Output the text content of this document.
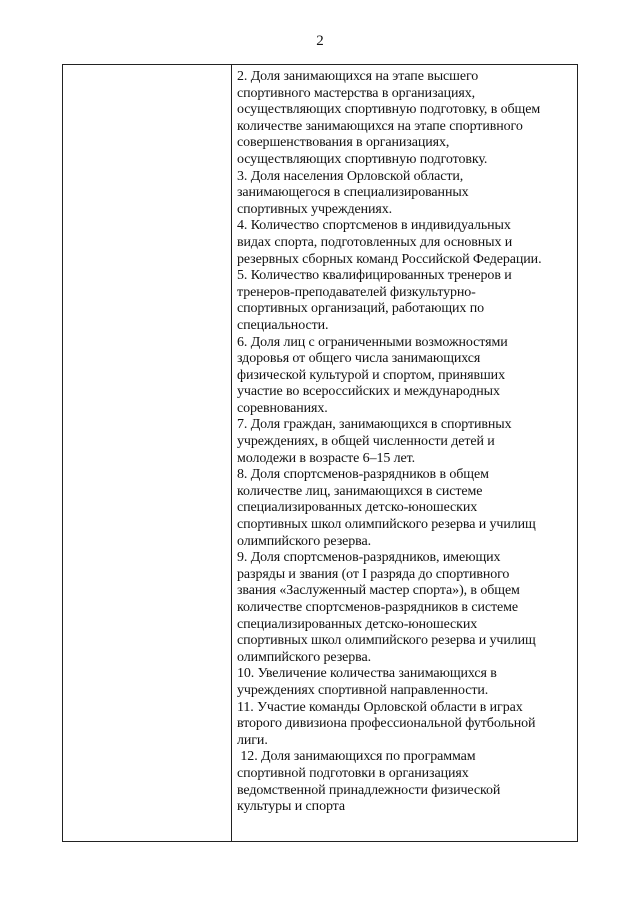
2
2. Доля занимающихся на этапе высшего
спортивного мастерства в организациях,
осуществляющих спортивную подготовку, в общем
количестве занимающихся на этапе спортивного
совершенствования в организациях,
осуществляющих спортивную подготовку.
3. Доля населения Орловской области,
занимающегося в специализированных
спортивных учреждениях.
4. Количество спортсменов в индивидуальных
видах спорта, подготовленных для основных и
резервных сборных команд Российской Федерации.
5. Количество квалифицированных тренеров и
тренеров-преподавателей физкультурно-
спортивных организаций, работающих по
специальности.
6. Доля лиц с ограниченными возможностями
здоровья от общего числа занимающихся
физической культурой и спортом, принявших
участие во всероссийских и международных
соревнованиях.
7. Доля граждан, занимающихся в спортивных
учреждениях, в общей численности детей и
молодежи в возрасте 6–15 лет.
8. Доля спортсменов-разрядников в общем
количестве лиц, занимающихся в системе
специализированных детско-юношеских
спортивных школ олимпийского резерва и училищ
олимпийского резерва.
9. Доля спортсменов-разрядников, имеющих
разряды и звания (от I разряда до спортивного
звания «Заслуженный мастер спорта»), в общем
количестве спортсменов-разрядников в системе
специализированных детско-юношеских
спортивных школ олимпийского резерва и училищ
олимпийского резерва.
10. Увеличение количества занимающихся в
учреждениях спортивной направленности.
11. Участие команды Орловской области в играх
второго дивизиона профессиональной футбольной
лиги.
12. Доля занимающихся по программам
спортивной подготовки в организациях
ведомственной принадлежности физической
культуры и спорта
